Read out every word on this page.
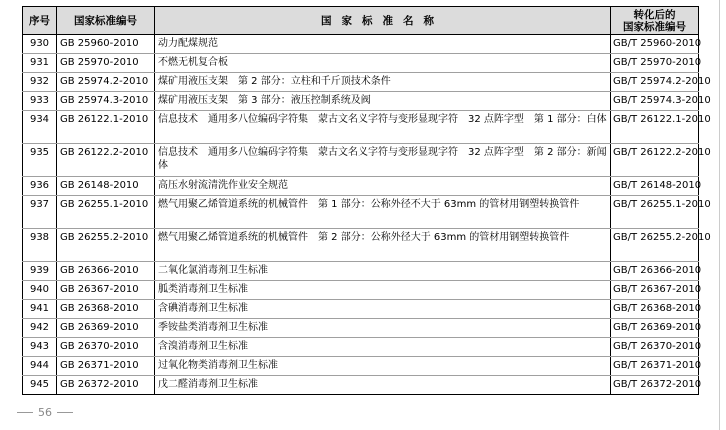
序号	国家标准编号	国家标准名称	转化后的
国家标准编号

930	GB 25960-2010	动力配煤规范	GB/T 25960-2010
931	GB 25970-2010	不燃无机复合板	GB/T 25970-2010
932	GB 25974.2-2010	煤矿用液压支架　第 2 部分：立柱和千斤顶技术条件	GB/T 25974.2-2010
933	GB 25974.3-2010	煤矿用液压支架　第 3 部分：液压控制系统及阀	GB/T 25974.3-2010
934	GB 26122.1-2010	信息技术　通用多八位编码字符集　蒙古文名义字符与变形显现字符　32 点阵字型　第 1 部分：白体	GB/T 26122.1-2010
935	GB 26122.2-2010	信息技术　通用多八位编码字符集　蒙古文名义字符与变形显现字符　32 点阵字型　第 2 部分：新闻体	GB/T 26122.2-2010
936	GB 26148-2010	高压水射流清洗作业安全规范	GB/T 26148-2010
937	GB 26255.1-2010	燃气用聚乙烯管道系统的机械管件　第 1 部分：公称外径不大于 63mm 的管材用钢塑转换管件	GB/T 26255.1-2010
938	GB 26255.2-2010	燃气用聚乙烯管道系统的机械管件　第 2 部分：公称外径大于 63mm 的管材用钢塑转换管件	GB/T 26255.2-2010
939	GB 26366-2010	二氧化氯消毒剂卫生标准	GB/T 26366-2010
940	GB 26367-2010	胍类消毒剂卫生标准	GB/T 26367-2010
941	GB 26368-2010	含碘消毒剂卫生标准	GB/T 26368-2010
942	GB 26369-2010	季铵盐类消毒剂卫生标准	GB/T 26369-2010
943	GB 26370-2010	含溴消毒剂卫生标准	GB/T 26370-2010
944	GB 26371-2010	过氧化物类消毒剂卫生标准	GB/T 26371-2010
945	GB 26372-2010	戊二醛消毒剂卫生标准	GB/T 26372-2010
56
